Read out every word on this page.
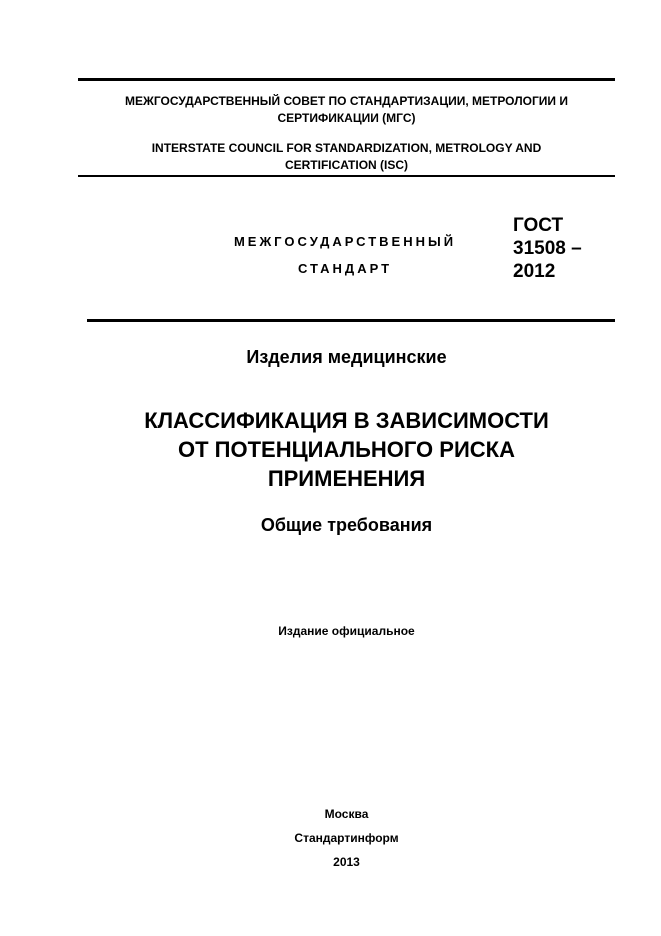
МЕЖГОСУДАРСТВЕННЫЙ СОВЕТ ПО СТАНДАРТИЗАЦИИ, МЕТРОЛОГИИ И
СЕРТИФИКАЦИИ (МГС)
INTERSTATE COUNCIL FOR STANDARDIZATION, METROLOGY AND
CERTIFICATION (ISC)
МЕЖГОСУДАРСТВЕННЫЙ
СТАНДАРТ
ГОСТ
31508 –
2012
Изделия медицинские
КЛАССИФИКАЦИЯ В ЗАВИСИМОСТИ
ОТ ПОТЕНЦИАЛЬНОГО РИСКА
ПРИМЕНЕНИЯ
Общие требования
Издание официальное
Москва
Стандартинформ
2013
